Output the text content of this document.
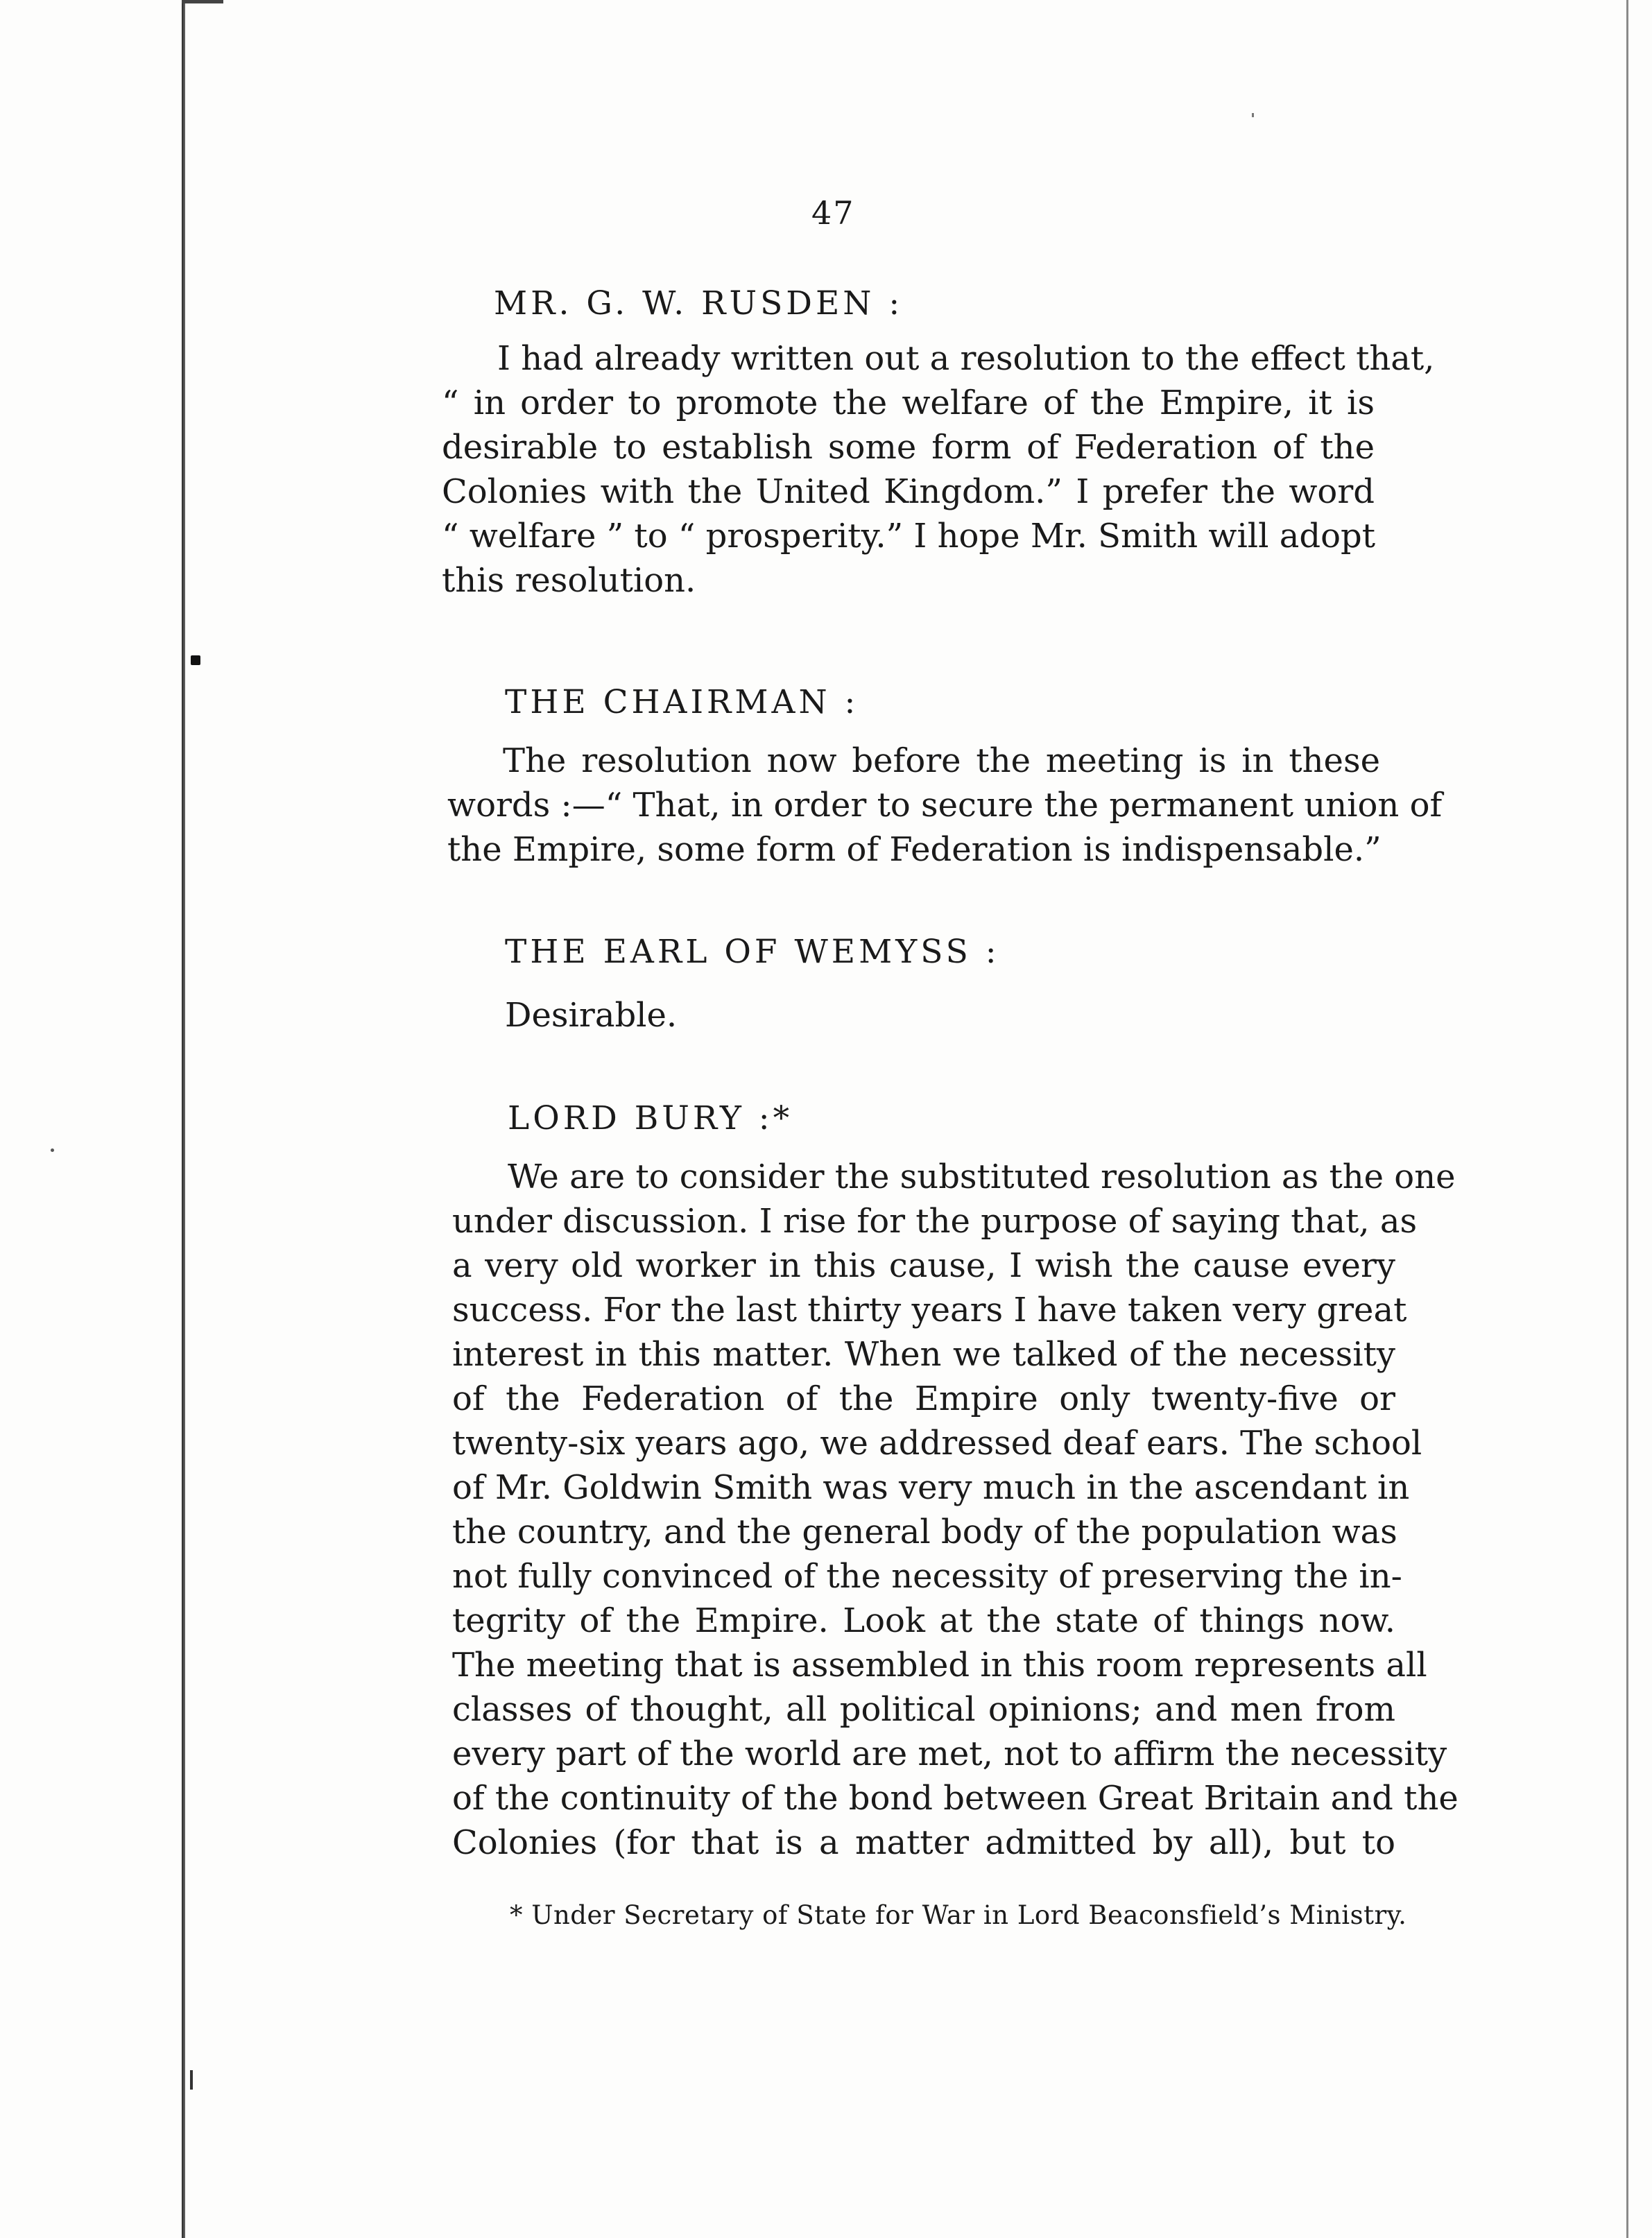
47
MR. G. W. RUSDEN :
I had already written out a resolution to the effect that,
“ in order to promote the welfare of the Empire, it is
desirable to establish some form of Federation of the
Colonies with the United Kingdom.” I prefer the word
“ welfare ” to “ prosperity.” I hope Mr. Smith will adopt
this resolution.
THE CHAIRMAN :
The resolution now before the meeting is in these
words :—“ That, in order to secure the permanent union of
the Empire, some form of Federation is indispensable.”
THE EARL OF WEMYSS :
Desirable.
LORD BURY :*
We are to consider the substituted resolution as the one
under discussion. I rise for the purpose of saying that, as
a very old worker in this cause, I wish the cause every
success. For the last thirty years I have taken very great
interest in this matter. When we talked of the necessity
of the Federation of the Empire only twenty-five or
twenty-six years ago, we addressed deaf ears. The school
of Mr. Goldwin Smith was very much in the ascendant in
the country, and the general body of the population was
not fully convinced of the necessity of preserving the in-
tegrity of the Empire. Look at the state of things now.
The meeting that is assembled in this room represents all
classes of thought, all political opinions; and men from
every part of the world are met, not to affirm the necessity
of the continuity of the bond between Great Britain and the
Colonies (for that is a matter admitted by all), but to
* Under Secretary of State for War in Lord Beaconsfield’s Ministry.
